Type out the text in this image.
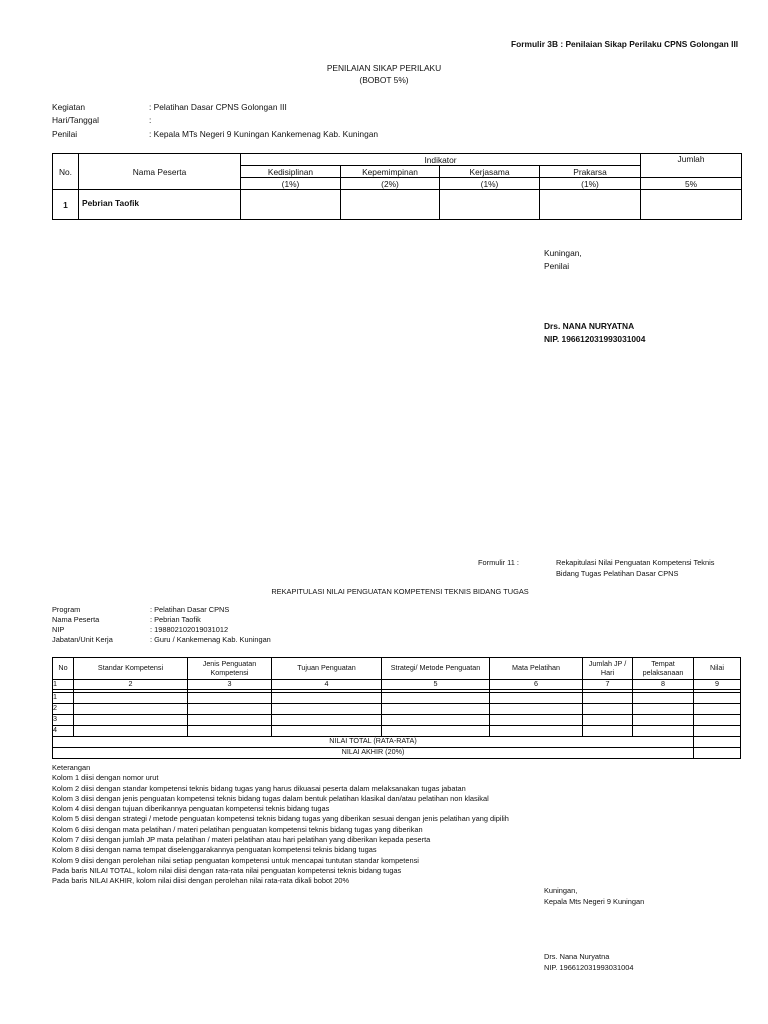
Formulir 3B : Penilaian Sikap Perilaku CPNS Golongan III
PENILAIAN SIKAP PERILAKU
(BOBOT 5%)
Kegiatan	: Pelatihan Dasar CPNS Golongan III
Hari/Tanggal	:
Penilai	: Kepala MTs Negeri 9 Kuningan Kankemenag Kab. Kuningan
No.	Nama Peserta	Indikator				Jumlah
		Kedisiplinan	Kepemimpinan	Kerjasama	Prakarsa	
		(1%)	(2%)	(1%)	(1%)	5%
1	Pebrian Taofik					
Kuningan,
Penilai
Drs. NANA NURYATNA
NIP. 196612031993031004
Formulir 11 :	Rekapitulasi Nilai Penguatan Kompetensi Teknis
Bidang Tugas Pelatihan Dasar CPNS
REKAPITULASI NILAI PENGUATAN KOMPETENSI TEKNIS BIDANG TUGAS
Program	: Pelatihan Dasar CPNS
Nama Peserta	: Pebrian Taofik
NIP	: 198802102019031012
Jabatan/Unit Kerja	: Guru / Kankemenag Kab. Kuningan
No	Standar Kompetensi	Jenis Penguatan Kompetensi	Tujuan Penguatan	Strategi/ Metode Penguatan	Mata Pelatihan	Jumlah JP / Hari	Tempat pelaksanaan	Nilai
1	2	3	4	5	6	7	8	9

1								
2								
3								
4								
NILAI TOTAL (RATA-RATA)								
NILAI AKHIR (20%)								
Keterangan
Kolom 1 diisi dengan nomor urut
Kolom 2 diisi dengan standar kompetensi teknis bidang tugas yang harus dikuasai peserta dalam melaksanakan tugas jabatan
Kolom 3 diisi dengan jenis penguatan kompetensi teknis bidang tugas dalam bentuk pelatihan klasikal dan/atau pelatihan non klasikal
Kolom 4 diisi dengan tujuan diberikannya penguatan kompetensi teknis bidang tugas
Kolom 5 diisi dengan strategi / metode penguatan kompetensi teknis bidang tugas yang diberikan sesuai dengan jenis pelatihan yang dipilih
Kolom 6 diisi dengan mata pelatihan / materi pelatihan penguatan kompetensi teknis bidang tugas yang diberikan
Kolom 7 diisi dengan jumlah JP mata pelatihan / materi pelatihan atau hari pelatihan yang diberikan kepada peserta
Kolom 8 diisi dengan nama tempat diselenggarakannya penguatan kompetensi teknis bidang tugas
Kolom 9 diisi dengan perolehan nilai setiap penguatan kompetensi untuk mencapai tuntutan standar kompetensi
Pada baris NILAI TOTAL, kolom nilai diisi dengan rata-rata nilai penguatan kompetensi teknis bidang tugas
Pada baris NILAI AKHIR, kolom nilai diisi dengan perolehan nilai rata-rata dikali bobot 20%
Kuningan,
Kepala Mts Negeri 9 Kuningan
Drs. Nana Nuryatna
NIP. 196612031993031004
